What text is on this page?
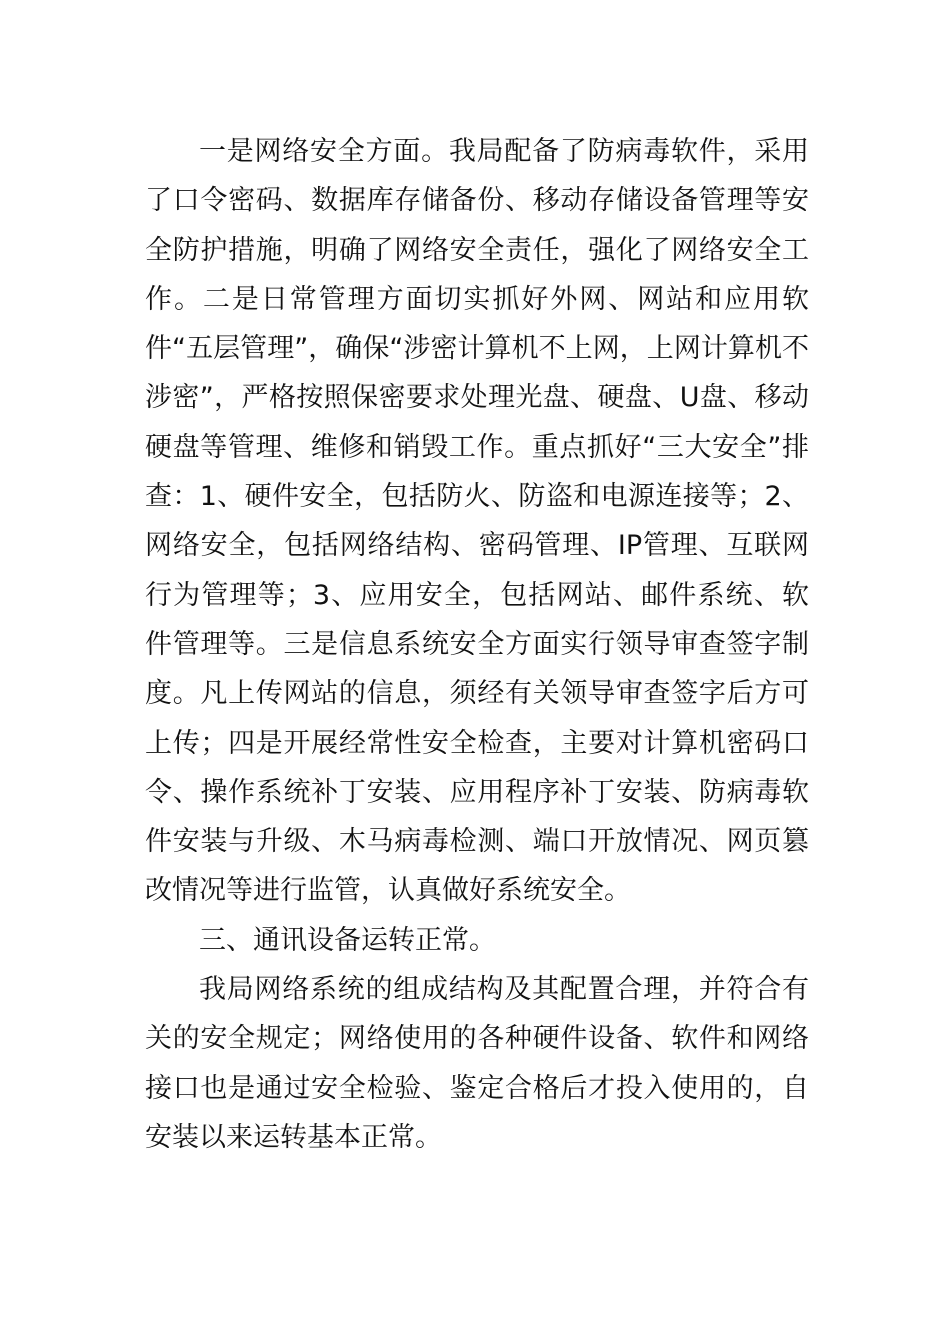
一是网络安全方面。我局配备了防病毒软件，采用了口令密码、数据库存储备份、移动存储设备管理等安全防护措施，明确了网络安全责任，强化了网络安全工作。二是日常管理方面切实抓好外网、网站和应用软件“五层管理”，确保“涉密计算机不上网，上网计算机不涉密”，严格按照保密要求处理光盘、硬盘、U盘、移动硬盘等管理、维修和销毁工作。重点抓好“三大安全”排查：1、硬件安全，包括防火、防盗和电源连接等；2、网络安全，包括网络结构、密码管理、IP管理、互联网行为管理等；3、应用安全，包括网站、邮件系统、软件管理等。三是信息系统安全方面实行领导审查签字制度。凡上传网站的信息，须经有关领导审查签字后方可上传；四是开展经常性安全检查，主要对计算机密码口令、操作系统补丁安装、应用程序补丁安装、防病毒软件安装与升级、木马病毒检测、端口开放情况、网页篡改情况等进行监管，认真做好系统安全。

三、通讯设备运转正常。

我局网络系统的组成结构及其配置合理，并符合有关的安全规定；网络使用的各种硬件设备、软件和网络接口也是通过安全检验、鉴定合格后才投入使用的，自安装以来运转基本正常。
